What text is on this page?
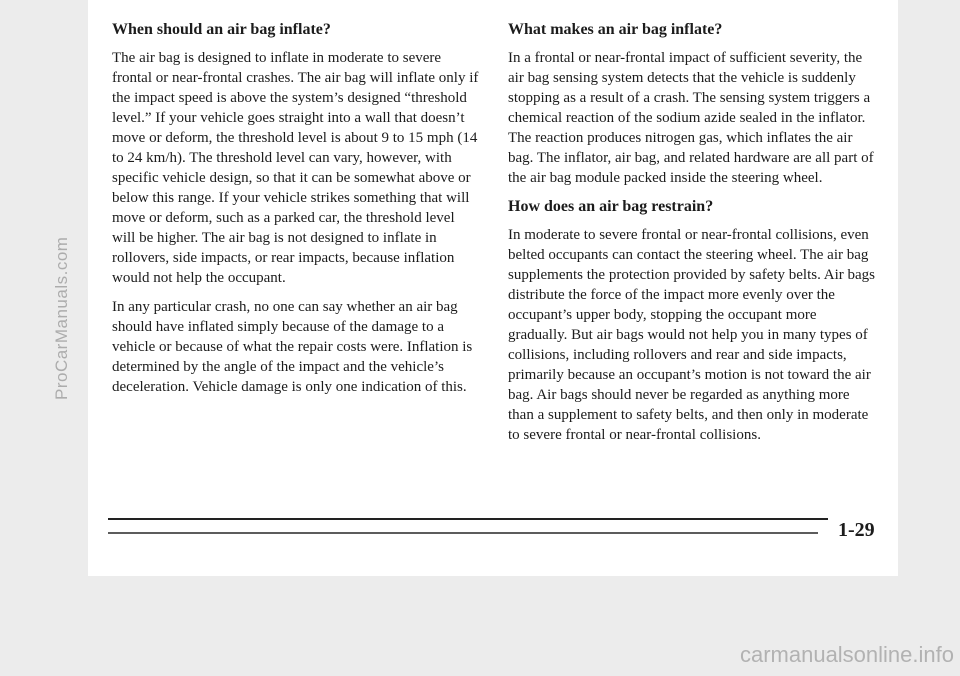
ProCarManuals.com
When should an air bag inflate?

The air bag is designed to inflate in moderate to severe frontal or near-frontal crashes. The air bag will inflate only if the impact speed is above the system’s designed “threshold level.” If your vehicle goes straight into a wall that doesn’t move or deform, the threshold level is about 9 to 15 mph (14 to 24 km/h). The threshold level can vary, however, with specific vehicle design, so that it can be somewhat above or below this range. If your vehicle strikes something that will move or deform, such as a parked car, the threshold level will be higher. The air bag is not designed to inflate in rollovers, side impacts, or rear impacts, because inflation would not help the occupant.

In any particular crash, no one can say whether an air bag should have inflated simply because of the damage to a vehicle or because of what the repair costs were. Inflation is determined by the angle of the impact and the vehicle’s deceleration. Vehicle damage is only one indication of this.

What makes an air bag inflate?

In a frontal or near-frontal impact of sufficient severity, the air bag sensing system detects that the vehicle is suddenly stopping as a result of a crash. The sensing system triggers a chemical reaction of the sodium azide sealed in the inflator. The reaction produces nitrogen gas, which inflates the air bag. The inflator, air bag, and related hardware are all part of the air bag module packed inside the steering wheel.

How does an air bag restrain?

In moderate to severe frontal or near-frontal collisions, even belted occupants can contact the steering wheel. The air bag supplements the protection provided by safety belts. Air bags distribute the force of the impact more evenly over the occupant’s upper body, stopping the occupant more gradually. But air bags would not help you in many types of collisions, including rollovers and rear and side impacts, primarily because an occupant’s motion is not toward the air bag. Air bags should never be regarded as anything more than a supplement to safety belts, and then only in moderate to severe frontal or near-frontal collisions.

1-29
carmanualsonline.info
